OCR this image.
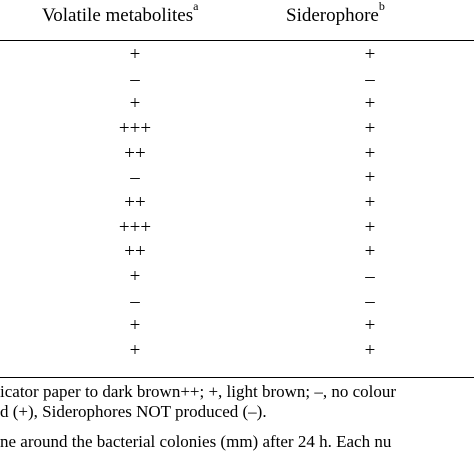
Volatile metabolites$^a$	Siderophore$^b$
+	+
–	–
+	+
+++	+
++	+
–	+
++	+
+++	+
++	+
+	–
–	–
+	+
+	+
icator paper to dark brown++; +, light brown; –, no colour
d (+), Siderophores NOT produced (–).
ne around the bacterial colonies (mm) after 24 h. Each nu
